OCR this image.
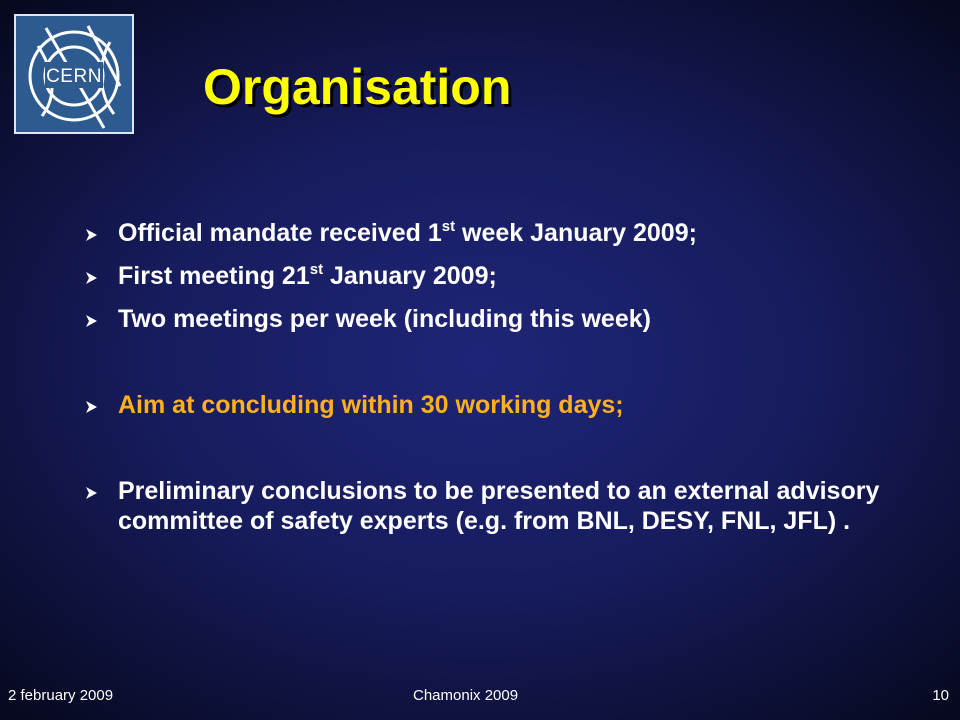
CERN Organisation
Official mandate received 1st week January 2009;
First meeting 21st January 2009;
Two meetings per week (including this week)
Aim at concluding within 30 working days;
Preliminary conclusions to be presented to an external advisory committee of safety experts (e.g. from BNL, DESY, FNL, JFL) .
2 february 2009	Chamonix 2009	10
